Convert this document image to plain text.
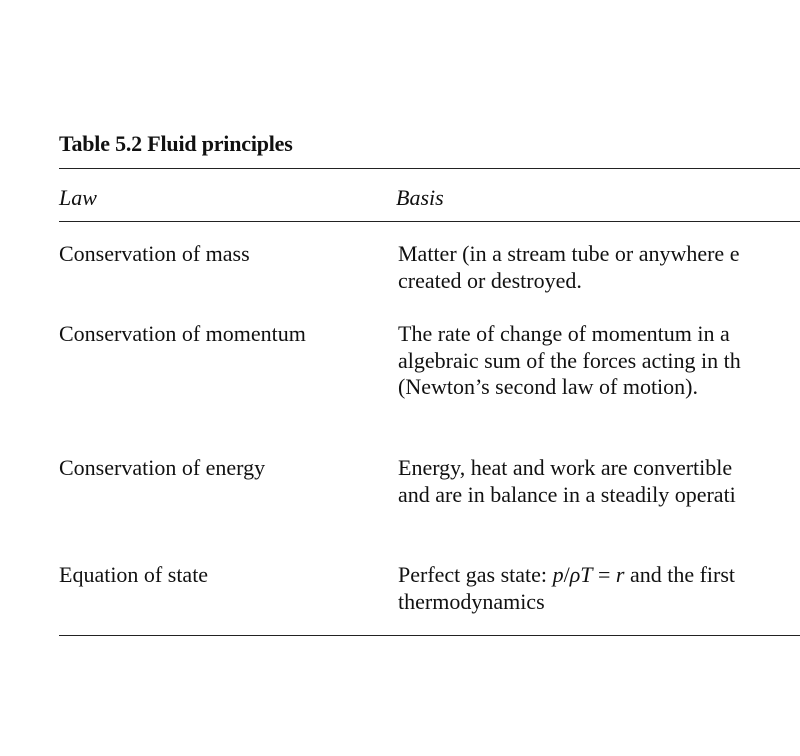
Table 5.2 Fluid principles
Law	Basis
Conservation of mass	Matter (in a stream tube or anywhere e
created or destroyed.
Conservation of momentum	The rate of change of momentum in a
algebraic sum of the forces acting in th
(Newton’s second law of motion).
Conservation of energy	Energy, heat and work are convertible
and are in balance in a steadily operati
Equation of state	Perfect gas state: p/ρT = r and the first
thermodynamics
